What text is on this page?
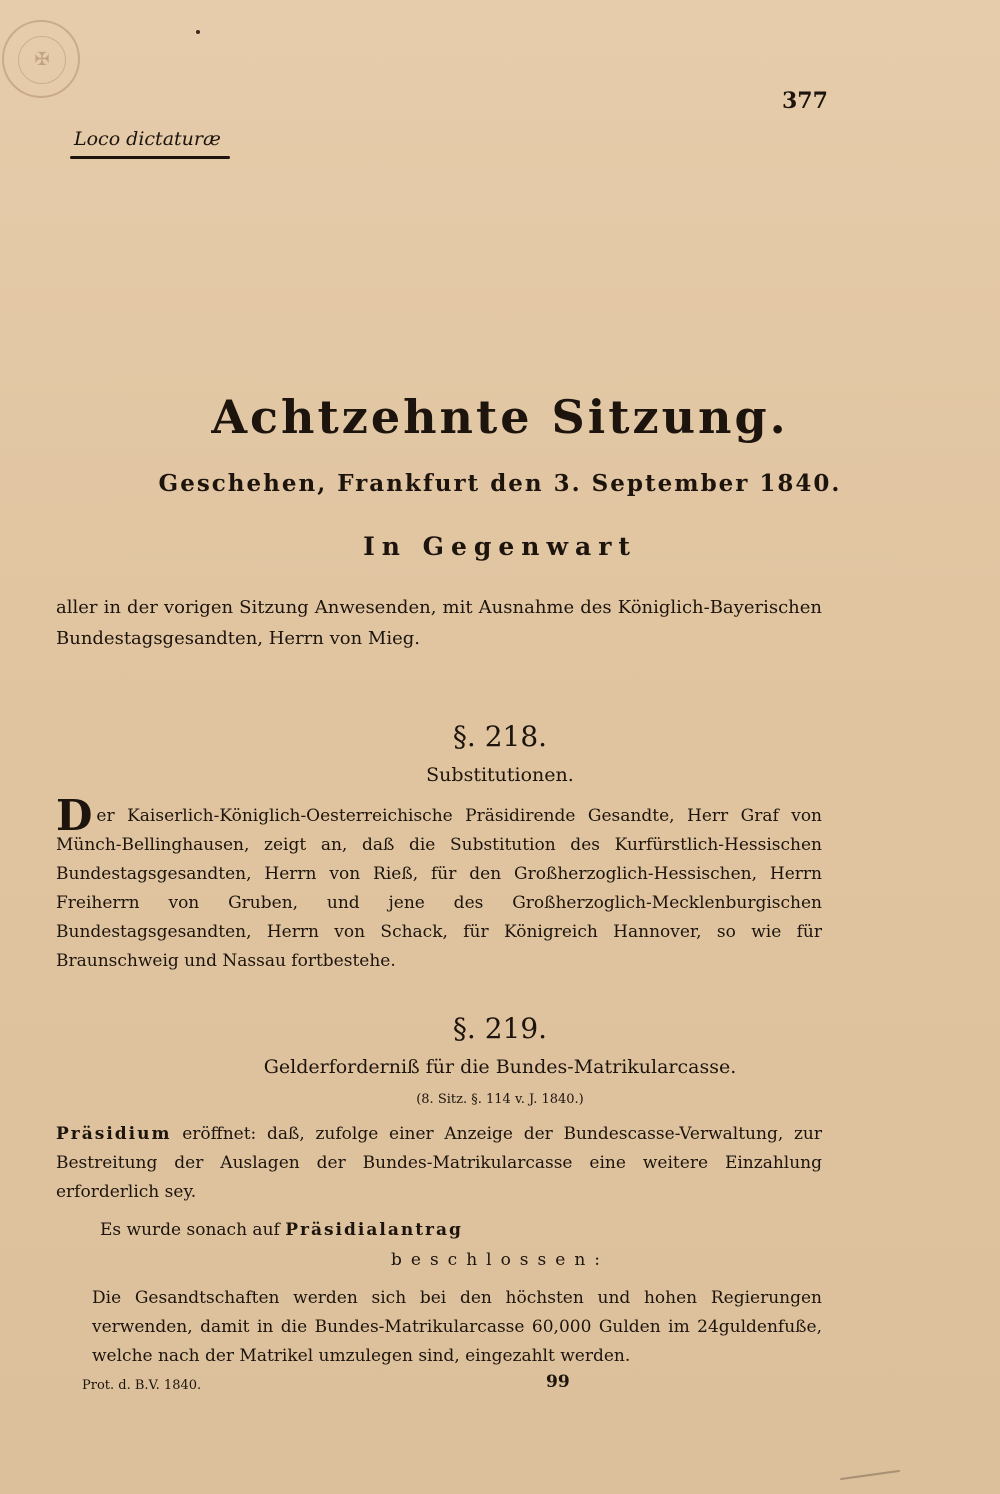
✠
377
Loco dictaturæ
Achtzehnte Sitzung.
Geschehen, Frankfurt den 3. September 1840.
In Gegenwart
aller in der vorigen Sitzung Anwesenden, mit Ausnahme des Königlich-Bayerischen Bundestagsgesandten, Herrn von Mieg.
§. 218.
Substitutionen.
Der Kaiserlich-Königlich-Oesterreichische Präsidirende Gesandte, Herr Graf von Münch-Bellinghausen, zeigt an, daß die Substitution des Kurfürstlich-Hessischen Bundestagsgesandten, Herrn von Rieß, für den Großherzoglich-Hessischen, Herrn Freiherrn von Gruben, und jene des Großherzoglich-Mecklenburgischen Bundestagsgesandten, Herrn von Schack, für Königreich Hannover, so wie für Braunschweig und Nassau fortbestehe.
§. 219.
Gelderforderniß für die Bundes-Matrikularcasse.
(8. Sitz. §. 114 v. J. 1840.)
Präsidium eröffnet: daß, zufolge einer Anzeige der Bundescasse-Verwaltung, zur Bestreitung der Auslagen der Bundes-Matrikularcasse eine weitere Einzahlung erforderlich sey.
Es wurde sonach auf Präsidialantrag
beschlossen:
Die Gesandtschaften werden sich bei den höchsten und hohen Regierungen verwenden, damit in die Bundes-Matrikularcasse 60,000 Gulden im 24guldenfuße, welche nach der Matrikel umzulegen sind, eingezahlt werden.
Prot. d. B.V. 1840.	99
